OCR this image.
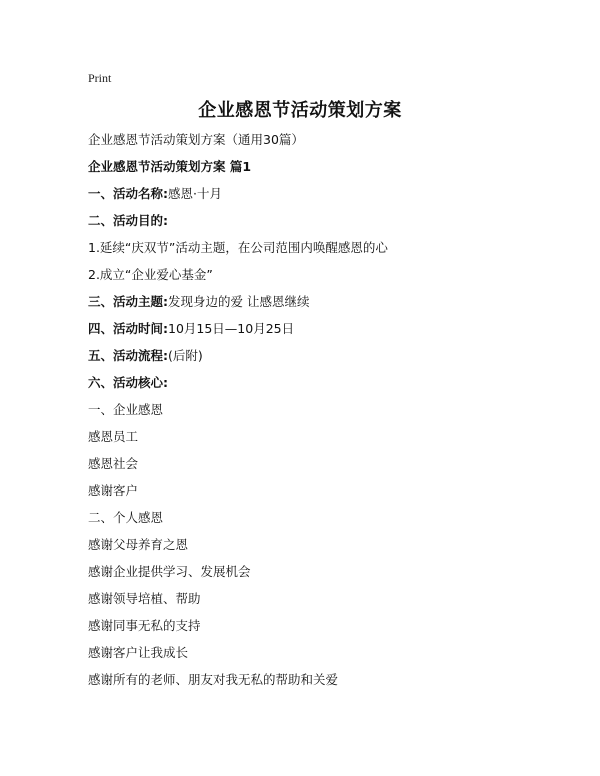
Print
企业感恩节活动策划方案
企业感恩节活动策划方案（通用30篇）
企业感恩节活动策划方案 篇1
一、活动名称:感恩·十月
二、活动目的:
1.延续“庆双节”活动主题，在公司范围内唤醒感恩的心
2.成立“企业爱心基金”
三、活动主题:发现身边的爱 让感恩继续
四、活动时间:10月15日—10月25日
五、活动流程:(后附)
六、活动核心:
一、企业感恩
感恩员工
感恩社会
感谢客户
二、个人感恩
感谢父母养育之恩
感谢企业提供学习、发展机会
感谢领导培植、帮助
感谢同事无私的支持
感谢客户让我成长
感谢所有的老师、朋友对我无私的帮助和关爱
